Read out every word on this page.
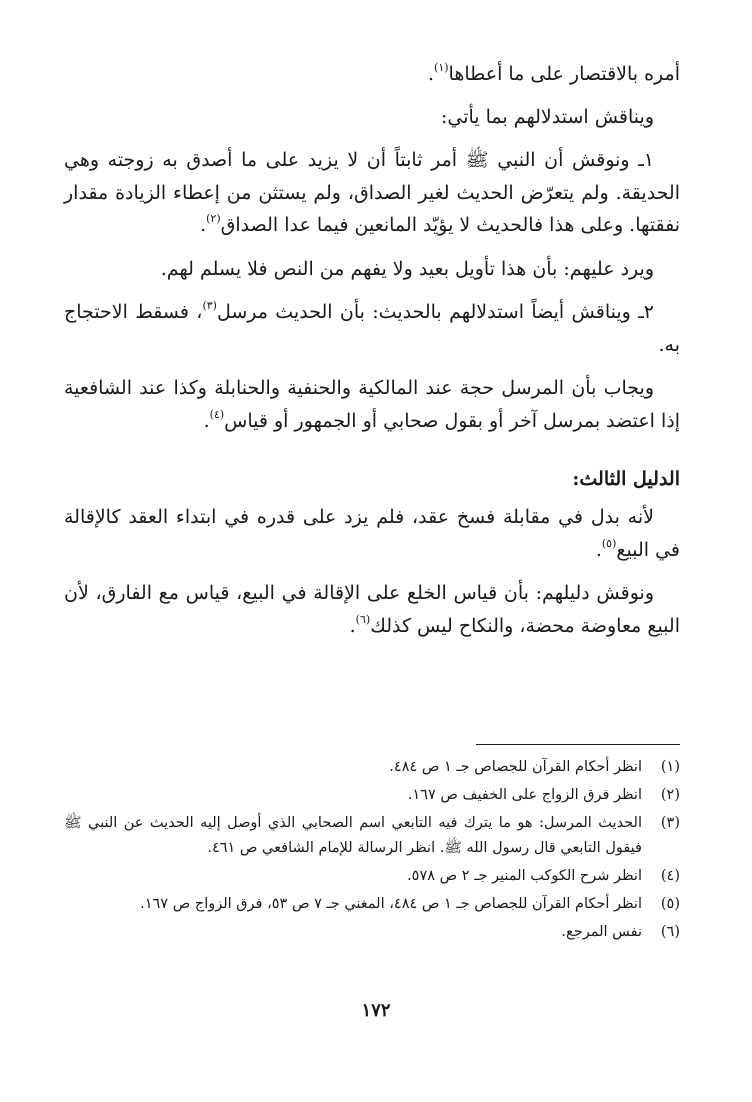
أمره بالاقتصار على ما أعطاها$^{(١)}$.

ويناقش استدلالهم بما يأتي:

١ـ ونوقش أن النبي ﷺ أمر ثابتاً أن لا يزيد على ما أصدق به زوجته وهي الحديقة. ولم يتعرّض الحديث لغير الصداق، ولم يستثن من إعطاء الزيادة مقدار نفقتها. وعلى هذا فالحديث لا يؤيّد المانعين فيما عدا الصداق$^{(٢)}$.

ويرد عليهم: بأن هذا تأويل بعيد ولا يفهم من النص فلا يسلم لهم.

٢ـ ويناقش أيضاً استدلالهم بالحديث: بأن الحديث مرسل$^{(٣)}$، فسقط الاحتجاج به.

ويجاب بأن المرسل حجة عند المالكية والحنفية والحنابلة وكذا عند الشافعية إذا اعتضد بمرسل آخر أو بقول صحابي أو الجمهور أو قياس$^{(٤)}$.

الدليل الثالث:

لأنه بدل في مقابلة فسخ عقد، فلم يزد على قدره في ابتداء العقد كالإقالة في البيع$^{(٥)}$.

ونوقش دليلهم: بأن قياس الخلع على الإقالة في البيع، قياس مع الفارق، لأن البيع معاوضة محضة، والنكاح ليس كذلك$^{(٦)}$.

(١)
انظر أحكام القرآن للجصاص جـ ١ ص ٤٨٤.
(٢)
انظر فرق الزواج على الخفيف ص ١٦٧.
(٣)
الحديث المرسل: هو ما يترك فيه التابعي اسم الصحابي الذي أوصل إليه الحديث عن النبي ﷺ فيقول التابعي قال رسول الله ﷺ. انظر الرسالة للإمام الشافعي ص ٤٦١.
(٤)
انظر شرح الكوكب المنير جـ ٢ ص ٥٧٨.
(٥)
انظر أحكام القرآن للجصاص جـ ١ ص ٤٨٤، المغني جـ ٧ ص ٥٣، فرق الزواج ص ١٦٧.
(٦)
نفس المرجع.
١٧٢
